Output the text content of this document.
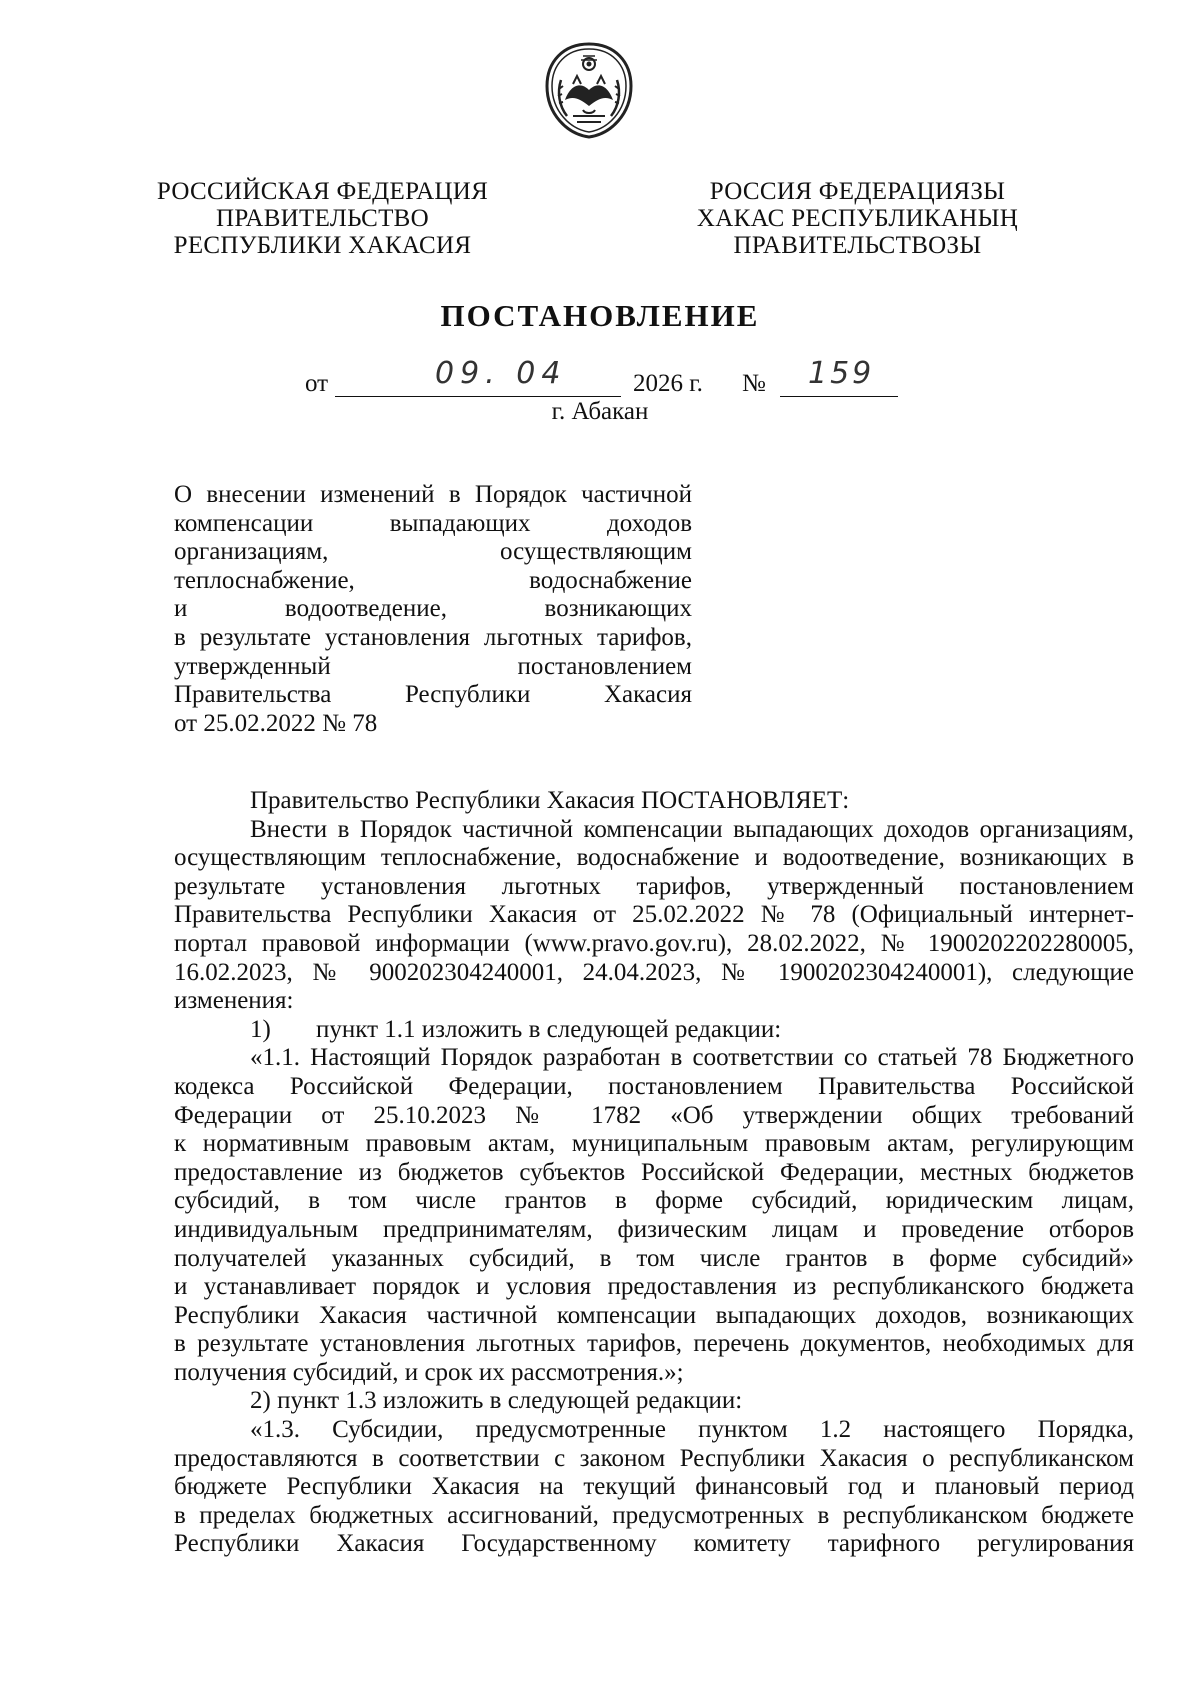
РОССИЙСКАЯ ФЕДЕРАЦИЯ
ПРАВИТЕЛЬСТВО
РЕСПУБЛИКИ ХАКАСИЯ
РОССИЯ ФЕДЕРАЦИЯЗЫ
ХАКАС РЕСПУБЛИКАНЫҢ
ПРАВИТЕЛЬСТВОЗЫ
ПОСТАНОВЛЕНИЕ
от	09. 04	2026 г. № 159
г. Абакан
О внесении изменений в Порядок частичной
компенсации выпадающих доходов
организациям, осуществляющим
теплоснабжение, водоснабжение
и водоотведение, возникающих
в результате установления льготных тарифов,
утвержденный постановлением
Правительства Республики Хакасия
от 25.02.2022 № 78
Правительство Республики Хакасия ПОСТАНОВЛЯЕТ:
Внести в Порядок частичной компенсации выпадающих доходов организациям,
осуществляющим теплоснабжение, водоснабжение и водоотведение, возникающих в
результате установления льготных тарифов, утвержденный постановлением
Правительства Республики Хакасия от 25.02.2022 № 78 (Официальный интернет-
портал правовой информации (www.pravo.gov.ru), 28.02.2022, № 1900202202280005,
16.02.2023, № 900202304240001, 24.04.2023, № 1900202304240001), следующие
изменения:
1) пункт 1.1 изложить в следующей редакции:
«1.1. Настоящий Порядок разработан в соответствии со статьей 78 Бюджетного
кодекса Российской Федерации, постановлением Правительства Российской
Федерации от 25.10.2023 № 1782 «Об утверждении общих требований
к нормативным правовым актам, муниципальным правовым актам, регулирующим
предоставление из бюджетов субъектов Российской Федерации, местных бюджетов
субсидий, в том числе грантов в форме субсидий, юридическим лицам,
индивидуальным предпринимателям, физическим лицам и проведение отборов
получателей указанных субсидий, в том числе грантов в форме субсидий»
и устанавливает порядок и условия предоставления из республиканского бюджета
Республики Хакасия частичной компенсации выпадающих доходов, возникающих
в результате установления льготных тарифов, перечень документов, необходимых для
получения субсидий, и срок их рассмотрения.»;
2) пункт 1.3 изложить в следующей редакции:
«1.3. Субсидии, предусмотренные пунктом 1.2 настоящего Порядка,
предоставляются в соответствии с законом Республики Хакасия о республиканском
бюджете Республики Хакасия на текущий финансовый год и плановый период
в пределах бюджетных ассигнований, предусмотренных в республиканском бюджете
Республики Хакасия Государственному комитету тарифного регулирования
